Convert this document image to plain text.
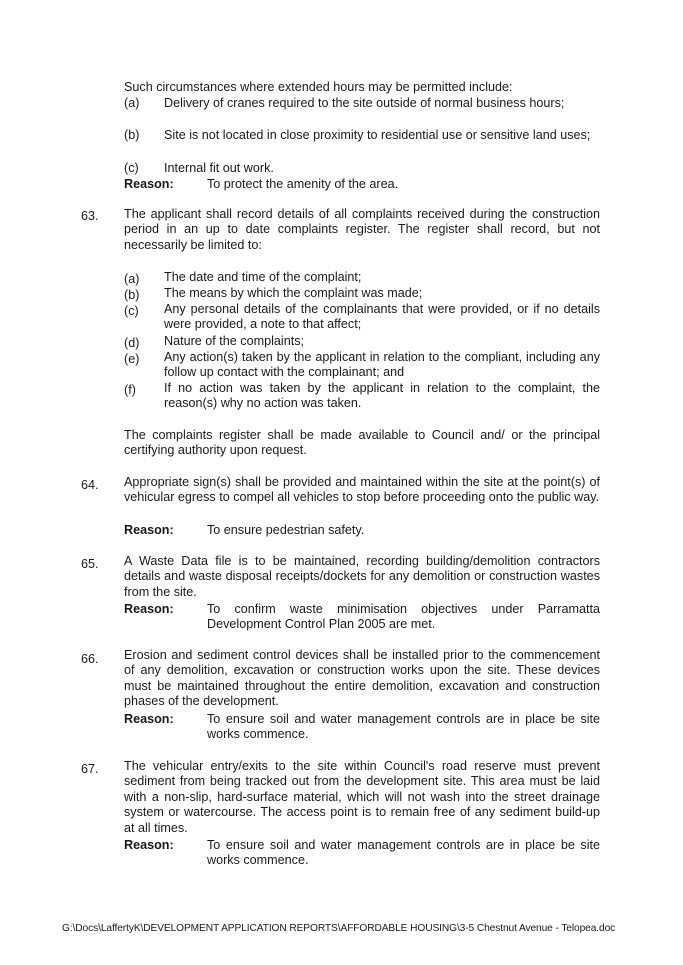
Such circumstances where extended hours may be permitted include:
(a)	Delivery of cranes required to the site outside of normal business hours;
(b)	Site is not located in close proximity to residential use or sensitive land uses;
(c)	Internal fit out work.
Reason:	To protect the amenity of the area.
63.	The applicant shall record details of all complaints received during the construction period in an up to date complaints register. The register shall record, but not necessarily be limited to:
(a)	The date and time of the complaint;
(b)	The means by which the complaint was made;
(c)	Any personal details of the complainants that were provided, or if no details were provided, a note to that affect;
(d)	Nature of the complaints;
(e)	Any action(s) taken by the applicant in relation to the compliant, including any follow up contact with the complainant; and
(f)	If no action was taken by the applicant in relation to the complaint, the reason(s) why no action was taken.
The complaints register shall be made available to Council and/ or the principal certifying authority upon request.
64.	Appropriate sign(s) shall be provided and maintained within the site at the point(s) of vehicular egress to compel all vehicles to stop before proceeding onto the public way.
Reason:	To ensure pedestrian safety.
65.	A Waste Data file is to be maintained, recording building/demolition contractors details and waste disposal receipts/dockets for any demolition or construction wastes from the site.
Reason:	To confirm waste minimisation objectives under Parramatta Development Control Plan 2005 are met.
66.	Erosion and sediment control devices shall be installed prior to the commencement of any demolition, excavation or construction works upon the site. These devices must be maintained throughout the entire demolition, excavation and construction phases of the development.
Reason:	To ensure soil and water management controls are in place be site works commence.
67.	The vehicular entry/exits to the site within Council's road reserve must prevent sediment from being tracked out from the development site. This area must be laid with a non-slip, hard-surface material, which will not wash into the street drainage system or watercourse. The access point is to remain free of any sediment build-up at all times.
Reason:	To ensure soil and water management controls are in place be site works commence.
G:\Docs\LaffertyK\DEVELOPMENT APPLICATION REPORTS\AFFORDABLE HOUSING\3-5 Chestnut Avenue - Telopea.doc
